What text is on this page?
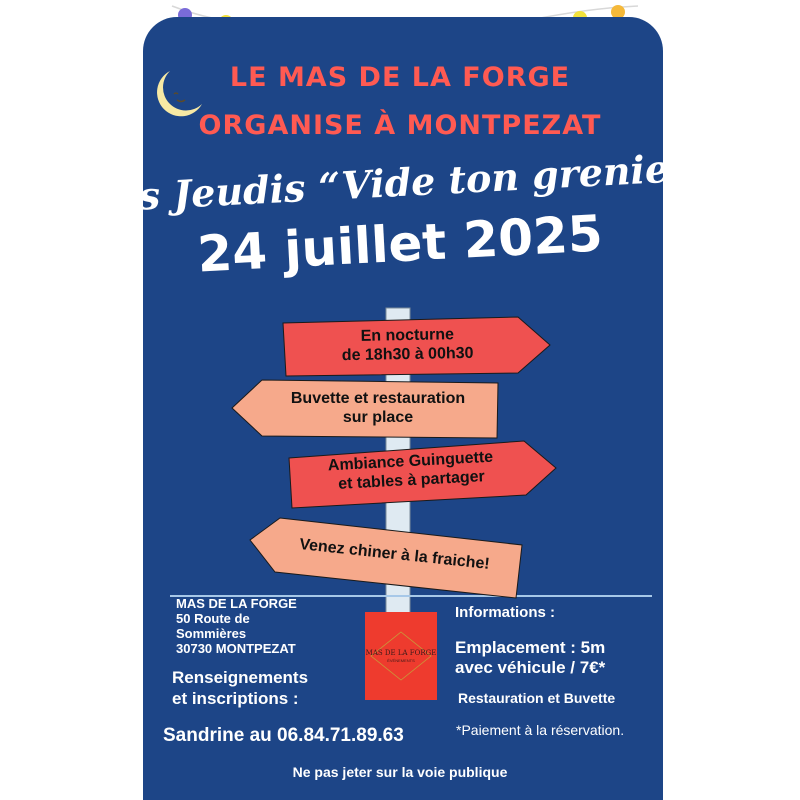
LE MAS DE LA FORGE
ORGANISE À MONTPEZAT
Les Jeudis “Vide ton grenier”
24 juillet 2025
En nocturne
de 18h30 à 00h30
Buvette et restauration
sur place
Ambiance Guinguette
et tables à partager
Venez chiner à la fraiche!
MAS DE LA FORGE
50 Route de
Sommières
30730 MONTPEZAT
Renseignements
et inscriptions :
Sandrine au 06.84.71.89.63
MAS DE LA FORGE
ÉVÉNEMENTS
Informations :
Emplacement : 5m
avec véhicule / 7€*
Restauration et Buvette
*Paiement à la réservation.
Ne pas jeter sur la voie publique
